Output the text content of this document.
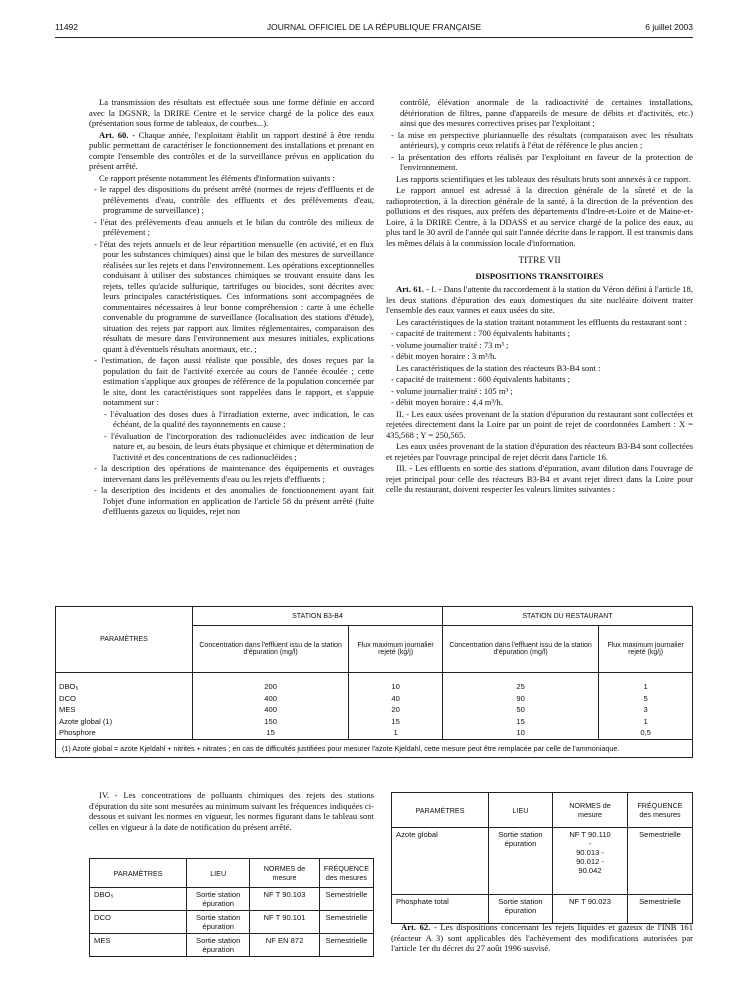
11492	JOURNAL OFFICIEL DE LA RÉPUBLIQUE FRANÇAISE	6 juillet 2003

La transmission des résultats est effectuée sous une forme définie en accord avec la DGSNR, la DRIRE Centre et le service chargé de la police des eaux (présentation sous forme de tableaux, de courbes...).

Art. 60. - Chaque année, l'exploitant établit un rapport destiné à être rendu public permettant de caractériser le fonctionnement des installations et prenant en compte l'ensemble des contrôles et de la surveillance prévus en application du présent arrêté.

Ce rapport présente notamment les éléments d'information suivants :

- le rappel des dispositions du présent arrêté (normes de rejets d'effluents et de prélèvements d'eau, contrôle des effluents et des prélèvements d'eau, programme de surveillance) ;
- l'état des prélèvements d'eau annuels et le bilan du contrôle des milieux de prélèvement ;
- l'état des rejets annuels et de leur répartition mensuelle (en activité, et en flux pour les substances chimiques) ainsi que le bilan des mesures de surveillance réalisées sur les rejets et dans l'environnement. Les opérations exceptionnelles conduisant à utiliser des substances chimiques se trouvant ensuite dans les rejets, telles qu'acide sulfurique, tartrifuges ou biocides, sont décrites avec leurs principales caractéristiques. Ces informations sont accompagnées de commentaires nécessaires à leur bonne compréhension : carte à une échelle convenable du programme de surveillance (localisation des stations d'étude), situation des rejets par rapport aux limites réglementaires, comparaison des résultats de mesure dans l'environnement aux mesures initiales, explications quant à d'éventuels résultats anormaux, etc. ;
- l'estimation, de façon aussi réaliste que possible, des doses reçues par la population du fait de l'activité exercée au cours de l'année écoulée ; cette estimation s'applique aux groupes de référence de la population concernée par le site, dont les caractéristiques sont rappelées dans le rapport, et s'appuie notamment sur :
- l'évaluation des doses dues à l'irradiation externe, avec indication, le cas échéant, de la qualité des rayonnements en cause ;
- l'évaluation de l'incorporation des radionucléides avec indication de leur nature et, au besoin, de leurs états physique et chimique et détermination de l'activité et des concentrations de ces radionucléides ;
- la description des opérations de maintenance des équipements et ouvrages intervenant dans les prélèvements d'eau ou les rejets d'effluents ;
- la description des incidents et des anomalies de fonctionnement ayant fait l'objet d'une information en application de l'article 58 du présent arrêté (fuite d'effluents gazeux ou liquides, rejet non

contrôlé, élévation anormale de la radioactivité de certaines installations, détérioration de filtres, panne d'appareils de mesure de débits et d'activités, etc.) ainsi que des mesures correctives prises par l'exploitant ;

- la mise en perspective pluriannuelle des résultats (comparaison avec les résultats antérieurs), y compris ceux relatifs à l'état de référence le plus ancien ;
- la présentation des efforts réalisés par l'exploitant en faveur de la protection de l'environnement.

Les rapports scientifiques et les tableaux des résultats bruts sont annexés à ce rapport.

Le rapport annuel est adressé à la direction générale de la sûreté et de la radioprotection, à la direction générale de la santé, à la direction de la prévention des pollutions et des risques, aux préfets des départements d'Indre-et-Loire et de Maine-et-Loire, à la DRIRE Centre, à la DDASS et au service chargé de la police des eaux, au plus tard le 30 avril de l'année qui suit l'année décrite dans le rapport. Il est transmis dans les mêmes délais à la commission locale d'information.

TITRE VII

DISPOSITIONS TRANSITOIRES

Art. 61. - I. - Dans l'attente du raccordement à la station du Véron défini à l'article 18, les deux stations d'épuration des eaux domestiques du site nucléaire doivent traiter l'ensemble des eaux vannes et eaux usées du site.

Les caractéristiques de la station traitant notamment les effluents du restaurant sont :

- capacité de traitement : 700 équivalents habitants ;
- volume journalier traité : 73 m³ ;
- débit moyen horaire : 3 m³/h.

Les caractéristiques de la station des réacteurs B3-B4 sont :

- capacité de traitement : 600 équivalents habitants ;
- volume journalier traité : 105 m³ ;
- débit moyen horaire : 4,4 m³/h.

II. - Les eaux usées provenant de la station d'épuration du restaurant sont collectées et rejetées directement dans la Loire par un point de rejet de coordonnées Lambert : X = 435,568 ; Y = 250,565.

Les eaux usées provenant de la station d'épuration des réacteurs B3-B4 sont collectées et rejetées par l'ouvrage principal de rejet décrit dans l'article 16.

III. - Les effluents en sortie des stations d'épuration, avant dilution dans l'ouvrage de rejet principal pour celle des réacteurs B3-B4 et avant rejet direct dans la Loire pour celle du restaurant, doivent respecter les valeurs limites suivantes :

PARAMÈTRES	STATION B3-B4		STATION DU RESTAURANT	
	Concentration dans l'effluent issu de la station d'épuration (mg/l)	Flux maximum journalier rejeté (kg/j)	Concentration dans l'effluent issu de la station d'épuration (mg/l)	Flux maximum journalier rejeté (kg/j)

DBO₅	200	10	25	1
DCO	400	40	90	5
MES	400	20	50	3
Azote global (1)	150	15	15	1
Phosphore	15	1	10	0,5
(1) Azote global = azote Kjeldahl + nitrites + nitrates ; en cas de difficultés justifiées pour mesurer l'azote Kjeldahl, cette mesure peut être remplacée par celle de l'ammoniaque.				

IV. - Les concentrations de polluants chimiques des rejets des stations d'épuration du site sont mesurées au minimum suivant les fréquences indiquées ci-dessous et suivant les normes en vigueur, les normes figurant dans le tableau sont celles en vigueur à la date de notification du présent arrêté.

PARAMÈTRES	LIEU	NORMES de mesure	FRÉQUENCE des mesures
DBO₅	Sortie station épuration	NF T 90.103	Semestrielle
DCO	Sortie station épuration	NF T 90.101	Semestrielle
MES	Sortie station épuration	NF EN 872	Semestrielle
PARAMÈTRES	LIEU	NORMES de mesure	FRÉQUENCE des mesures
Azote global	Sortie station épuration	NF T 90.110
-
90.013 -
90.012 -
90.042	Semestrielle
Phosphate total	Sortie station épuration	NF T 90.023	Semestrielle

Art. 62. - Les dispositions concernant les rejets liquides et gazeux de l'INB 161 (réacteur A 3) sont applicables dès l'achèvement des modifications autorisées par l'article 1er du décret du 27 août 1996 susvisé.
